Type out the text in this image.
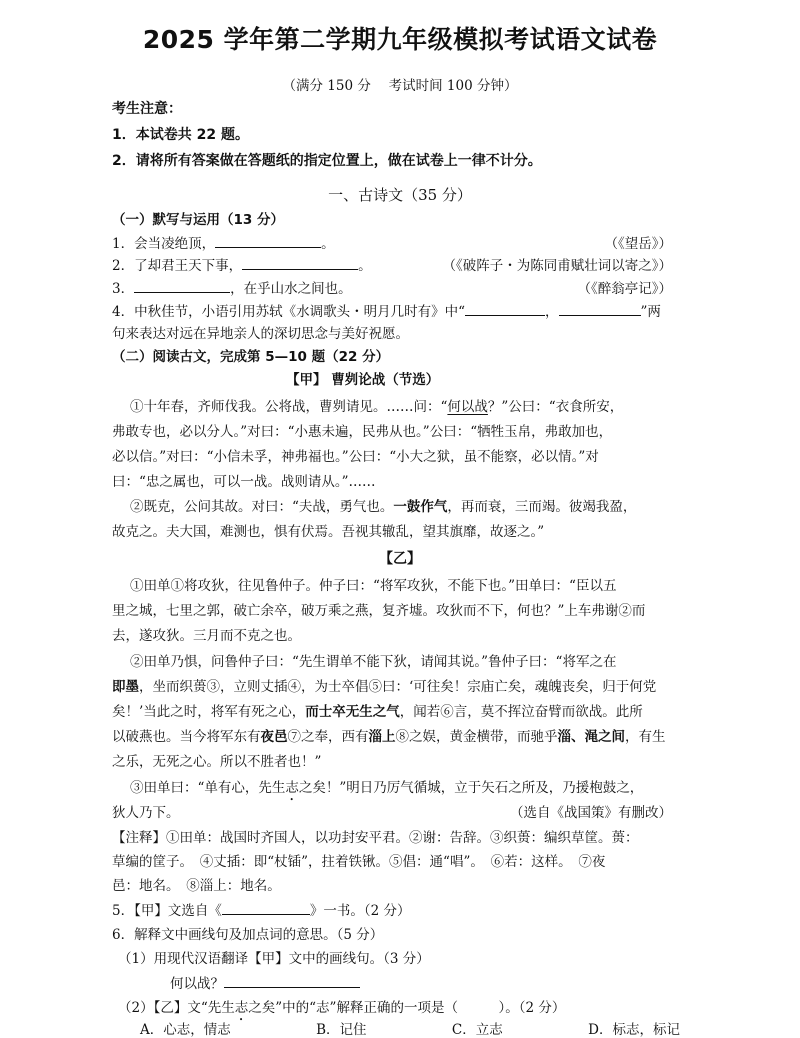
2025 学年第二学期九年级模拟考试语文试卷
（满分 150 分　 考试时间 100 分钟）
考生注意：
1．本试卷共 22 题。
2．请将所有答案做在答题纸的指定位置上，做在试卷上一律不计分。
一、古诗文（35 分）
（一）默写与运用（13 分）
1．会当凌绝顶，	。	（《望岳》）
2．了却君王天下事，	。	（《破阵子・为陈同甫赋壮词以寄之》）
3．	，在乎山水之间也。	（《醉翁亭记》）
4．中秋佳节，小语引用苏轼《水调歌头・明月几时有》中“	，	”两
句来表达对远在异地亲人的深切思念与美好祝愿。
（二）阅读古文，完成第 5—10 题（22 分）
【甲】 曹刿论战（节选）
①十年春，齐师伐我。公将战，曹刿请见。……问：“何以战？”公曰：“衣食所安，
弗敢专也，必以分人。”对曰：“小惠未遍，民弗从也。”公曰：“牺牲玉帛，弗敢加也，
必以信。”对曰：“小信未孚，神弗福也。”公曰：“小大之狱，虽不能察，必以情。”对
曰：“忠之属也，可以一战。战则请从。”……
②既克，公问其故。对曰：“夫战，勇气也。一鼓作气，再而衰，三而竭。彼竭我盈，
故克之。夫大国，难测也，惧有伏焉。吾视其辙乱，望其旗靡，故逐之。”
【乙】
①田单①将攻狄，往见鲁仲子。仲子曰：“将军攻狄，不能下也。”田单曰：“臣以五
里之城，七里之郭，破亡余卒，破万乘之燕，复齐墟。攻狄而不下，何也？”上车弗谢②而
去，遂攻狄。三月而不克之也。
②田单乃惧，问鲁仲子曰：“先生谓单不能下狄，请闻其说。”鲁仲子曰：“将军之在
即墨，坐而织蒉③，立则丈插④，为士卒倡⑤曰：‘可往矣！宗庙亡矣，魂魄丧矣，归于何党
矣！’当此之时，将军有死之心，而士卒无生之气，闻若⑥言，莫不挥泣奋臂而欲战。此所
以破燕也。当今将军东有夜邑⑦之奉，西有淄上⑧之娱，黄金横带，而驰乎淄、渑之间，有生
之乐，无死之心。所以不胜者也！”
③田单曰：“单有心，先生志之矣！”明日乃厉气循城，立于矢石之所及，乃援枹鼓之，
狄人乃下。	（选自《战国策》有删改）
【注释】①田单：战国时齐国人，以功封安平君。②谢：告辞。③织蒉：编织草筐。蒉：
草编的筐子。　④丈插：即“杖锸”，拄着铁锹。⑤倡：通“唱”。　⑥若：这样。　⑦夜
邑：地名。　⑧淄上：地名。
5．【甲】文选自《	》一书。（2 分）
6．解释文中画线句及加点词的意思。（5 分）
（1）用现代汉语翻译【甲】文中的画线句。（3 分）
何以战？
（2）【乙】文“先生志之矣”中的“志”解释正确的一项是（　　　）。（2 分）
A．心志，情志	B．记住	C．立志	D．标志，标记
